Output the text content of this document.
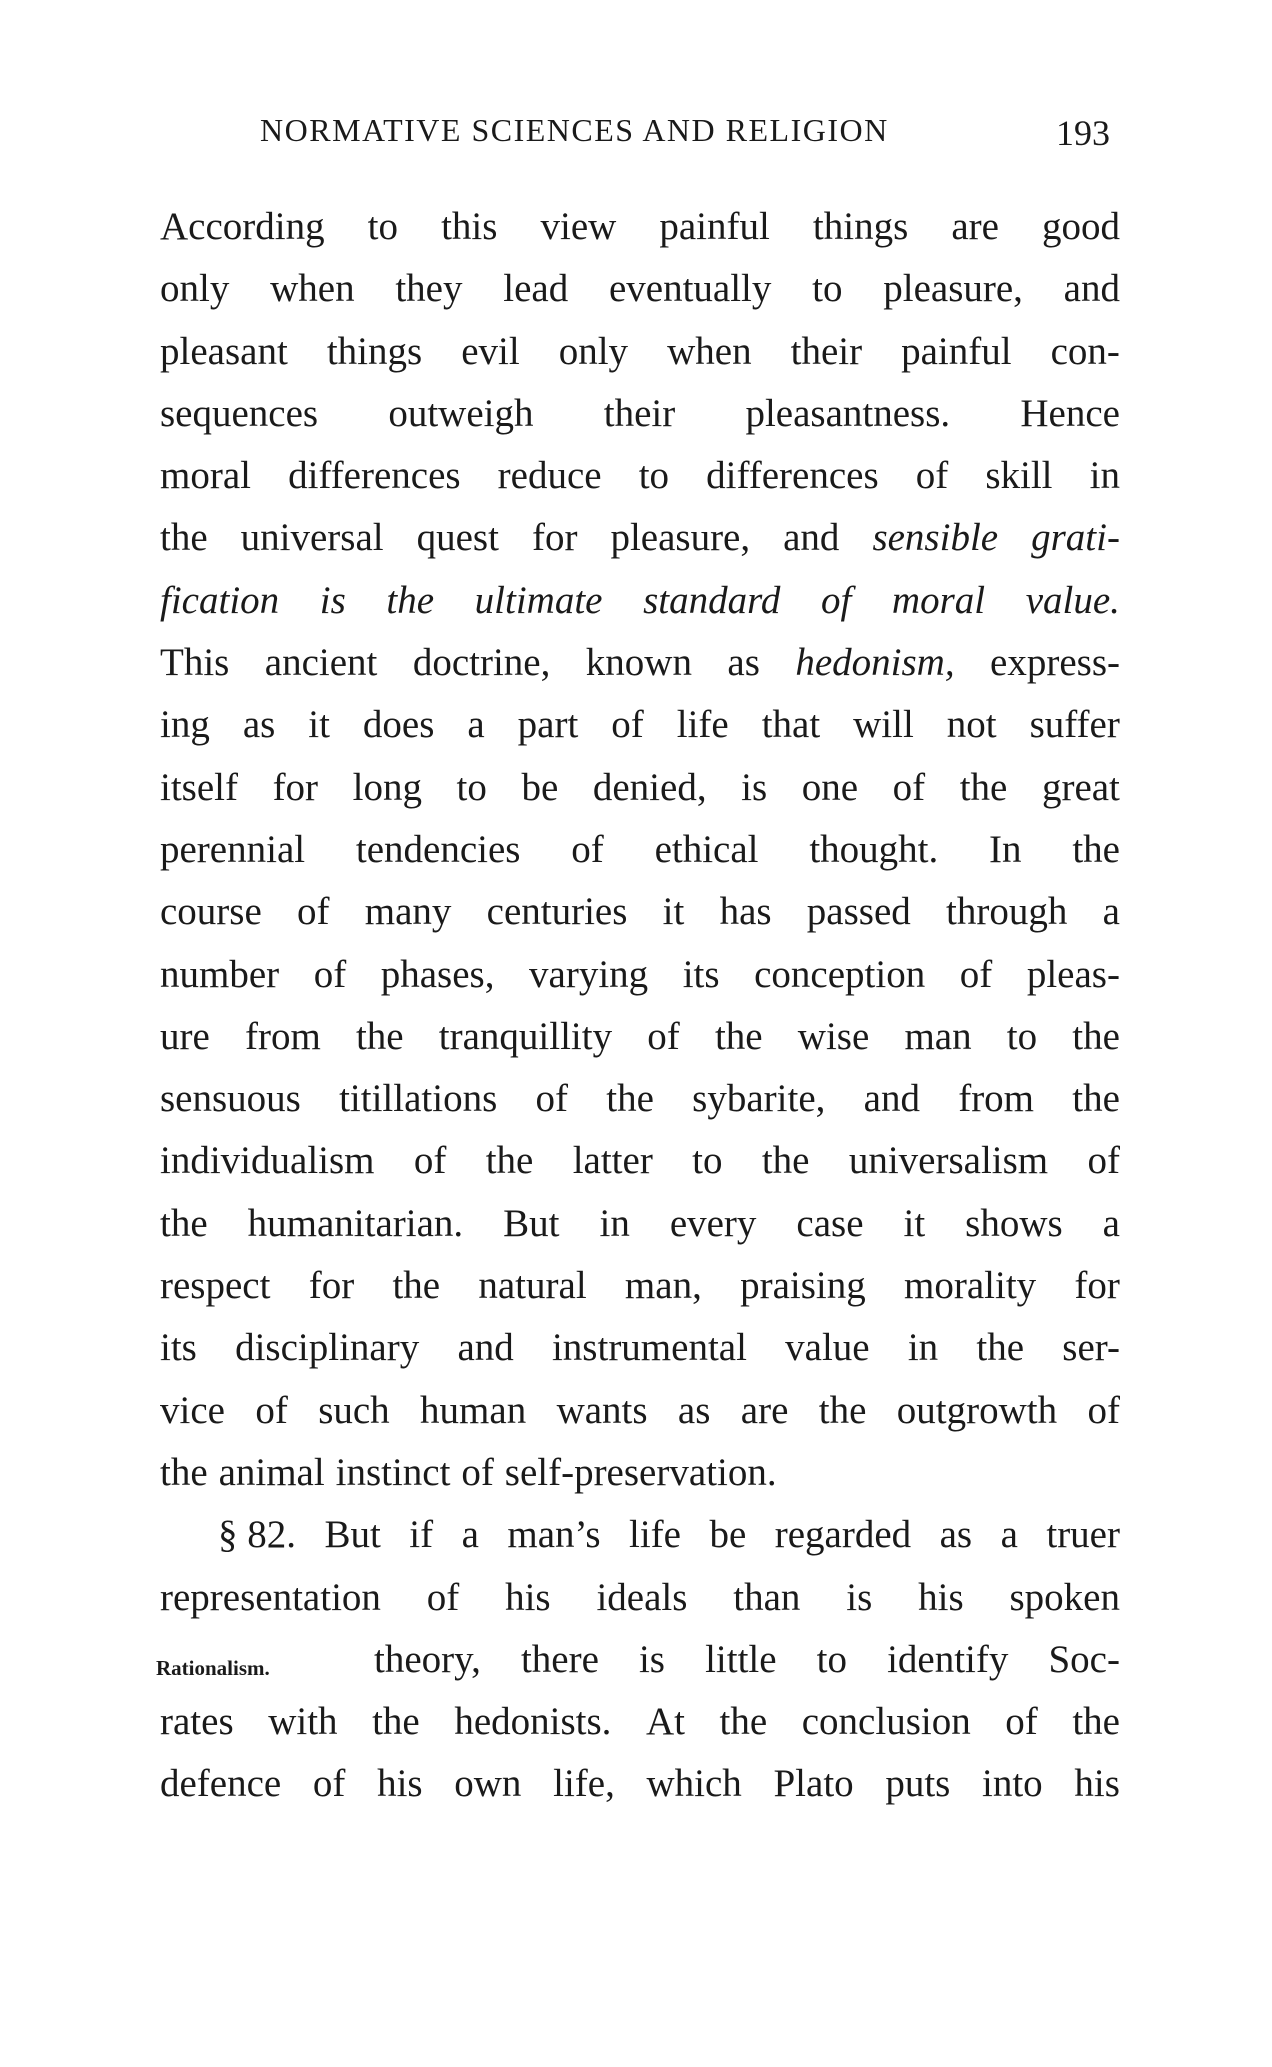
NORMATIVE SCIENCES AND RELIGION	193
Rationalism.
According to this view painful things are good
only when they lead eventually to pleasure, and
pleasant things evil only when their painful con-
sequences outweigh their pleasantness. Hence
moral differences reduce to differences of skill in
the universal quest for pleasure, and sensible grati-
fication is the ultimate standard of moral value.
This ancient doctrine, known as hedonism, express-
ing as it does a part of life that will not suffer
itself for long to be denied, is one of the great
perennial tendencies of ethical thought. In the
course of many centuries it has passed through a
number of phases, varying its conception of pleas-
ure from the tranquillity of the wise man to the
sensuous titillations of the sybarite, and from the
individualism of the latter to the universalism of
the humanitarian. But in every case it shows a
respect for the natural man, praising morality for
its disciplinary and instrumental value in the ser-
vice of such human wants as are the outgrowth of
the animal instinct of self-preservation.
§ 82. But if a man’s life be regarded as a truer
representation of his ideals than is his spoken
theory, there is little to identify Soc-
rates with the hedonists. At the conclusion of the
defence of his own life, which Plato puts into his
